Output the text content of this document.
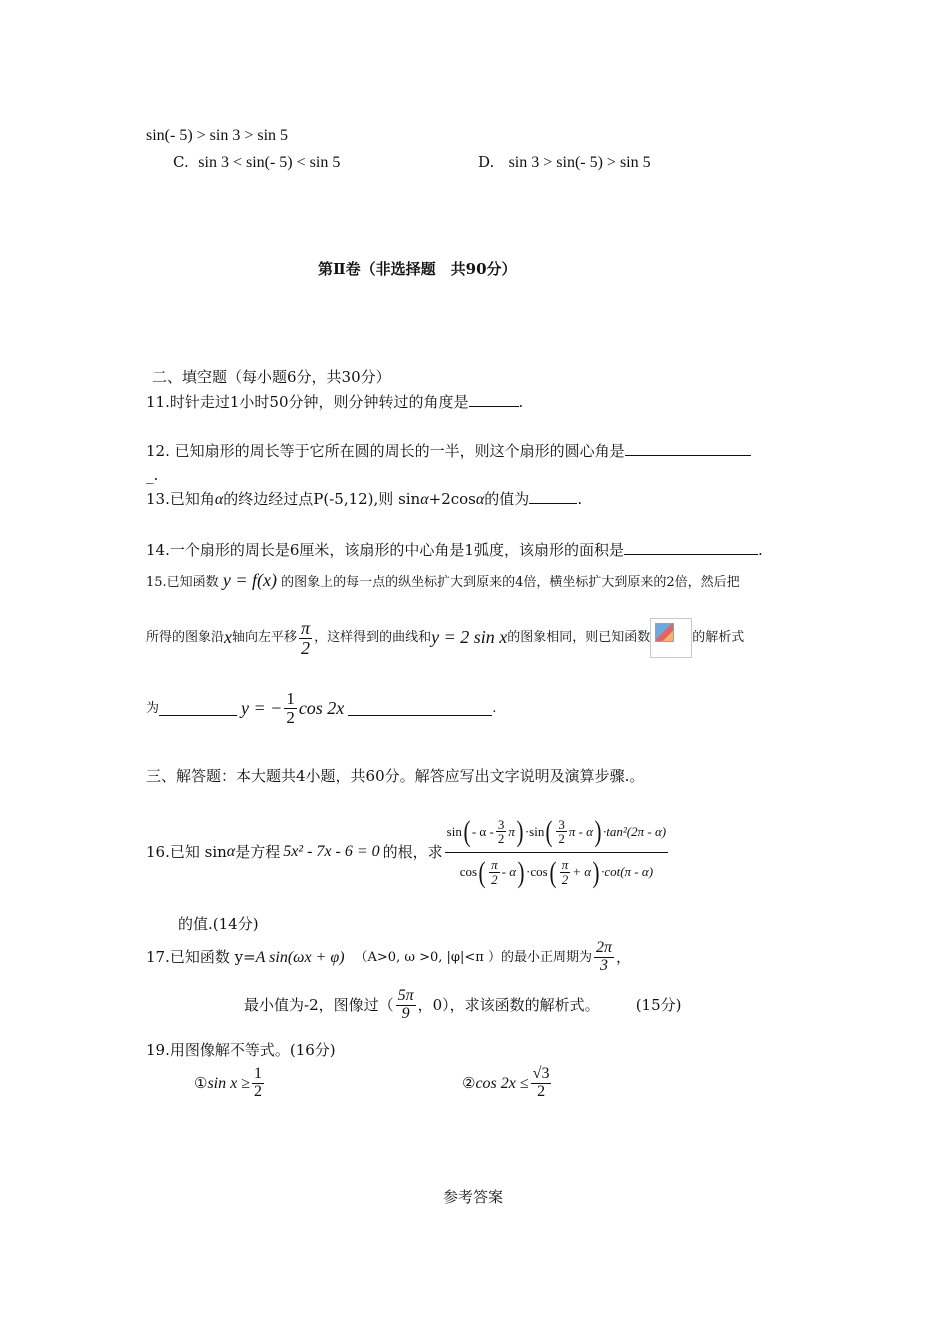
sin(- 5) > sin 3 > sin 5
C. sin 3 < sin(- 5) < sin 5	D. sin 3 > sin(- 5) > sin 5
第Ⅱ卷（非选择题　共90分）
二、填空题（每小题6分，共30分）
11.时针走过1小时50分钟，则分钟转过的角度是	.
12. 已知扇形的周长等于它所在圆的周长的一半，则这个扇形的圆心角是
_.
13.已知角α的终边经过点P(-5,12),则 sinα+2cosα的值为	.
14.一个扇形的周长是6厘米，该扇形的中心角是1弧度，该扇形的面积是	.
15.已知函数 y = f(x) 的图象上的每一点的纵坐标扩大到原来的4倍，横坐标扩大到原来的2倍，然后把
所得的图象沿 x 轴向左平移 $\frac{\pi}{2}$ ，这样得到的曲线和 y = 2 sin x 的图象相同，则已知函数	的解析式
为	y = − $\frac{1}{2}$ cos 2x	.
三、解答题：本大题共4小题，共60分。解答应写出文字说明及演算步骤.。
16.已知 sin α 是方程 5x² - 7x - 6 = 0 的根，求
sin ( - α - $\frac{3}{2}$ π ) ·sin ( $\frac{3}{2}$ π - α ) ·tan²(2π - α)
cos ( $\frac{\pi}{2}$ - α ) ·cos ( $\frac{\pi}{2} + \alpha$ ) ·cot(π - α)
的值.(14分)
17.已知函数 y= A sin(ωx + φ) （A>0, ω >0, |φ|<π ）的最小正周期为 $\frac{2\pi}{3}$ ，
最小值为-2，图像过（ $\frac{5\pi}{9}$ ，0），求该函数的解析式。 (15分)
19.用图像解不等式。(16分)
① $\sin x \ge \frac{1}{2}$	② $\cos 2x \le \frac{√3}{2}$
参考答案
